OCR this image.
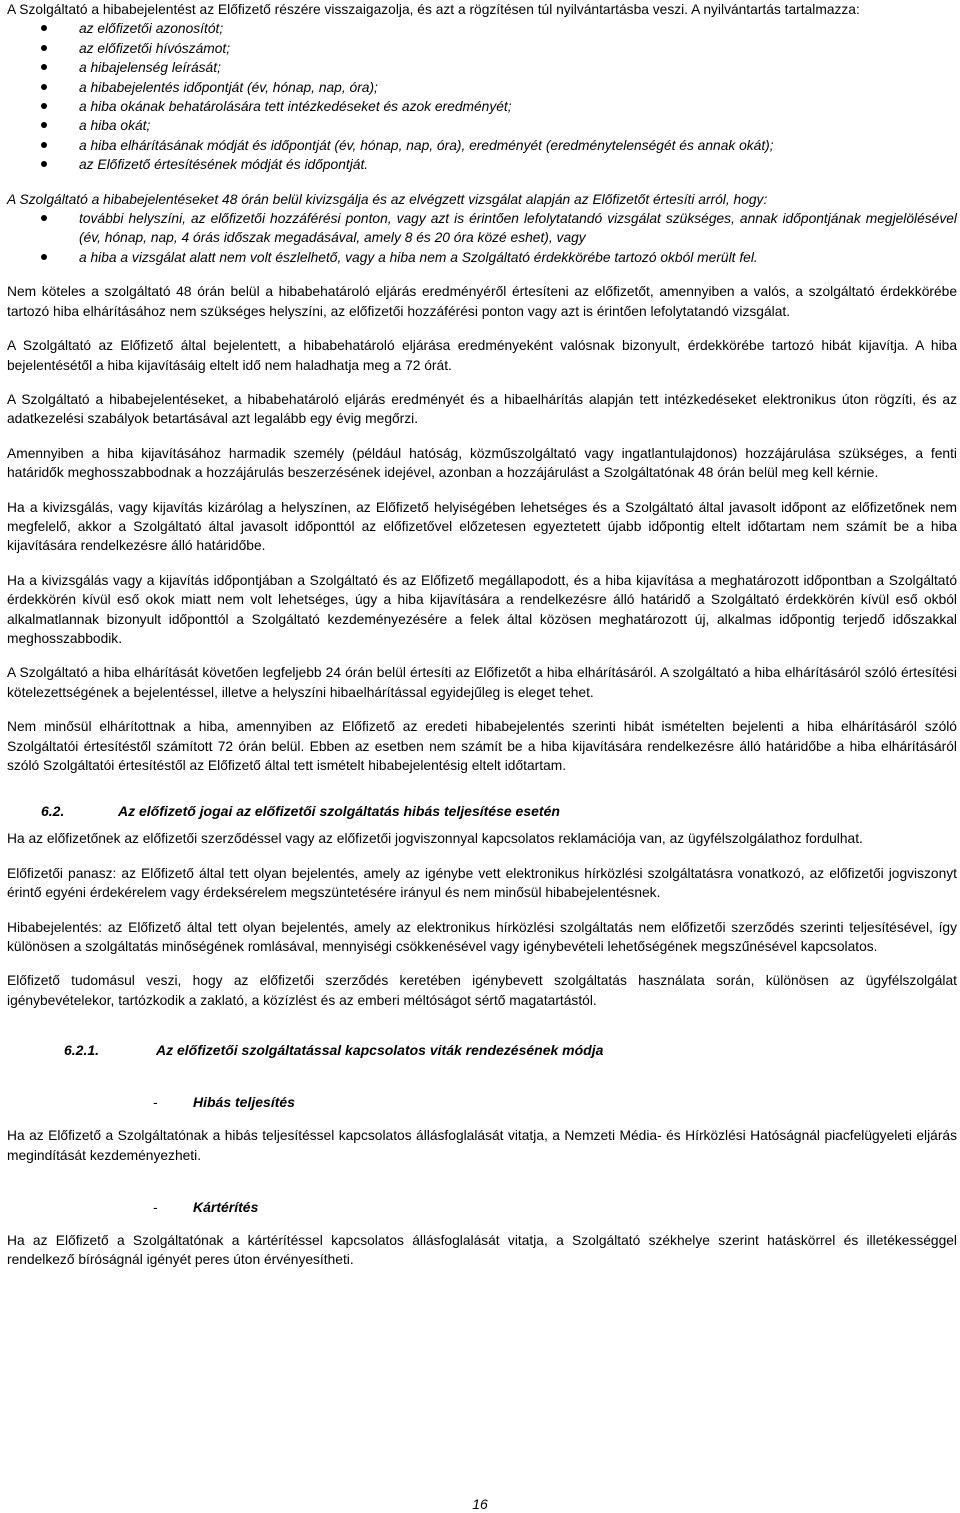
A Szolgáltató a hibabejelentést az Előfizető részére visszaigazolja, és azt a rögzítésen túl nyilvántartásba veszi. A nyilvántartás tartalmazza:

az előfizetői azonosítót;
az előfizetői hívószámot;
a hibajelenség leírását;
a hibabejelentés időpontját (év, hónap, nap, óra);
a hiba okának behatárolására tett intézkedéseket és azok eredményét;
a hiba okát;
a hiba elhárításának módját és időpontját (év, hónap, nap, óra), eredményét (eredménytelenségét és annak okát);
az Előfizető értesítésének módját és időpontját.

A Szolgáltató a hibabejelentéseket 48 órán belül kivizsgálja és az elvégzett vizsgálat alapján az Előfizetőt értesíti arról, hogy:

további helyszíni, az előfizetői hozzáférési ponton, vagy azt is érintően lefolytatandó vizsgálat szükséges, annak időpontjának megjelölésével (év, hónap, nap, 4 órás időszak megadásával, amely 8 és 20 óra közé eshet), vagy
a hiba a vizsgálat alatt nem volt észlelhető, vagy a hiba nem a Szolgáltató érdekkörébe tartozó okból merült fel.

Nem köteles a szolgáltató 48 órán belül a hibabehatároló eljárás eredményéről értesíteni az előfizetőt, amennyiben a valós, a szolgáltató érdekkörébe tartozó hiba elhárításához nem szükséges helyszíni, az előfizetői hozzáférési ponton vagy azt is érintően lefolytatandó vizsgálat.

A Szolgáltató az Előfizető által bejelentett, a hibabehatároló eljárása eredményeként valósnak bizonyult, érdekkörébe tartozó hibát kijavítja. A hiba bejelentésétől a hiba kijavításáig eltelt idő nem haladhatja meg a 72 órát.

A Szolgáltató a hibabejelentéseket, a hibabehatároló eljárás eredményét és a hibaelhárítás alapján tett intézkedéseket elektronikus úton rögzíti, és az adatkezelési szabályok betartásával azt legalább egy évig megőrzi.

Amennyiben a hiba kijavításához harmadik személy (például hatóság, közműszolgáltató vagy ingatlantulajdonos) hozzájárulása szükséges, a fenti határidők meghosszabbodnak a hozzájárulás beszerzésének idejével, azonban a hozzájárulást a Szolgáltatónak 48 órán belül meg kell kérnie.

Ha a kivizsgálás, vagy kijavítás kizárólag a helyszínen, az Előfizető helyiségében lehetséges és a Szolgáltató által javasolt időpont az előfizetőnek nem megfelelő, akkor a Szolgáltató által javasolt időponttól az előfizetővel előzetesen egyeztetett újabb időpontig eltelt időtartam nem számít be a hiba kijavítására rendelkezésre álló határidőbe.

Ha a kivizsgálás vagy a kijavítás időpontjában a Szolgáltató és az Előfizető megállapodott, és a hiba kijavítása a meghatározott időpontban a Szolgáltató érdekkörén kívül eső okok miatt nem volt lehetséges, úgy a hiba kijavítására a rendelkezésre álló határidő a Szolgáltató érdekkörén kívül eső okból alkalmatlannak bizonyult időponttól a Szolgáltató kezdeményezésére a felek által közösen meghatározott új, alkalmas időpontig terjedő időszakkal meghosszabbodik.

A Szolgáltató a hiba elhárítását követően legfeljebb 24 órán belül értesíti az Előfizetőt a hiba elhárításáról. A szolgáltató a hiba elhárításáról szóló értesítési kötelezettségének a bejelentéssel, illetve a helyszíni hibaelhárítással egyidejűleg is eleget tehet.

Nem minősül elhárítottnak a hiba, amennyiben az Előfizető az eredeti hibabejelentés szerinti hibát ismételten bejelenti a hiba elhárításáról szóló Szolgáltatói értesítéstől számított 72 órán belül. Ebben az esetben nem számít be a hiba kijavítására rendelkezésre álló határidőbe a hiba elhárításáról szóló Szolgáltatói értesítéstől az Előfizető által tett ismételt hibabejelentésig eltelt időtartam.

6.2.	Az előfizető jogai az előfizetői szolgáltatás hibás teljesítése esetén

Ha az előfizetőnek az előfizetői szerződéssel vagy az előfizetői jogviszonnyal kapcsolatos reklamációja van, az ügyfélszolgálathoz fordulhat.

Előfizetői panasz: az Előfizető által tett olyan bejelentés, amely az igénybe vett elektronikus hírközlési szolgáltatásra vonatkozó, az előfizetői jogviszonyt érintő egyéni érdekérelem vagy érdeksérelem megszüntetésére irányul és nem minősül hibabejelentésnek.

Hibabejelentés: az Előfizető által tett olyan bejelentés, amely az elektronikus hírközlési szolgáltatás nem előfizetői szerződés szerinti teljesítésével, így különösen a szolgáltatás minőségének romlásával, mennyiségi csökkenésével vagy igénybevételi lehetőségének megszűnésével kapcsolatos.

Előfizető tudomásul veszi, hogy az előfizetői szerződés keretében igénybevett szolgáltatás használata során, különösen az ügyfélszolgálat igénybevételekor, tartózkodik a zaklató, a közízlést és az emberi méltóságot sértő magatartástól.

6.2.1.	Az előfizetői szolgáltatással kapcsolatos viták rendezésének módja
-	Hibás teljesítés

Ha az Előfizető a Szolgáltatónak a hibás teljesítéssel kapcsolatos állásfoglalását vitatja, a Nemzeti Média- és Hírközlési Hatóságnál piacfelügyeleti eljárás megindítását kezdeményezheti.

-	Kártérítés

Ha az Előfizető a Szolgáltatónak a kártérítéssel kapcsolatos állásfoglalását vitatja, a Szolgáltató székhelye szerint hatáskörrel és illetékességgel rendelkező bíróságnál igényét peres úton érvényesítheti.

16
